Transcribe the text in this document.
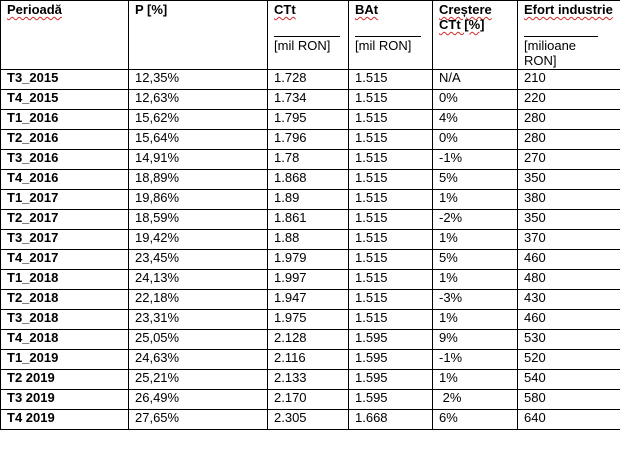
Perioadă	P [%]	CTt	BAt	Creștere CTt [%]	Efort industrie
		[mil RON]	[mil RON]		[milioane RON]
T3_2015	12,35%	1.728	1.515	N/A	210
T4_2015	12,63%	1.734	1.515	0%	220
T1_2016	15,62%	1.795	1.515	4%	280
T2_2016	15,64%	1.796	1.515	0%	280
T3_2016	14,91%	1.78	1.515	-1%	270
T4_2016	18,89%	1.868	1.515	5%	350
T1_2017	19,86%	1.89	1.515	1%	380
T2_2017	18,59%	1.861	1.515	-2%	350
T3_2017	19,42%	1.88	1.515	1%	370
T4_2017	23,45%	1.979	1.515	5%	460
T1_2018	24,13%	1.997	1.515	1%	480
T2_2018	22,18%	1.947	1.515	-3%	430
T3_2018	23,31%	1.975	1.515	1%	460
T4_2018	25,05%	2.128	1.595	9%	530
T1_2019	24,63%	2.116	1.595	-1%	520
T2 2019	25,21%	2.133	1.595	1%	540
T3 2019	26,49%	2.170	1.595	2%	580
T4 2019	27,65%	2.305	1.668	6%	640
